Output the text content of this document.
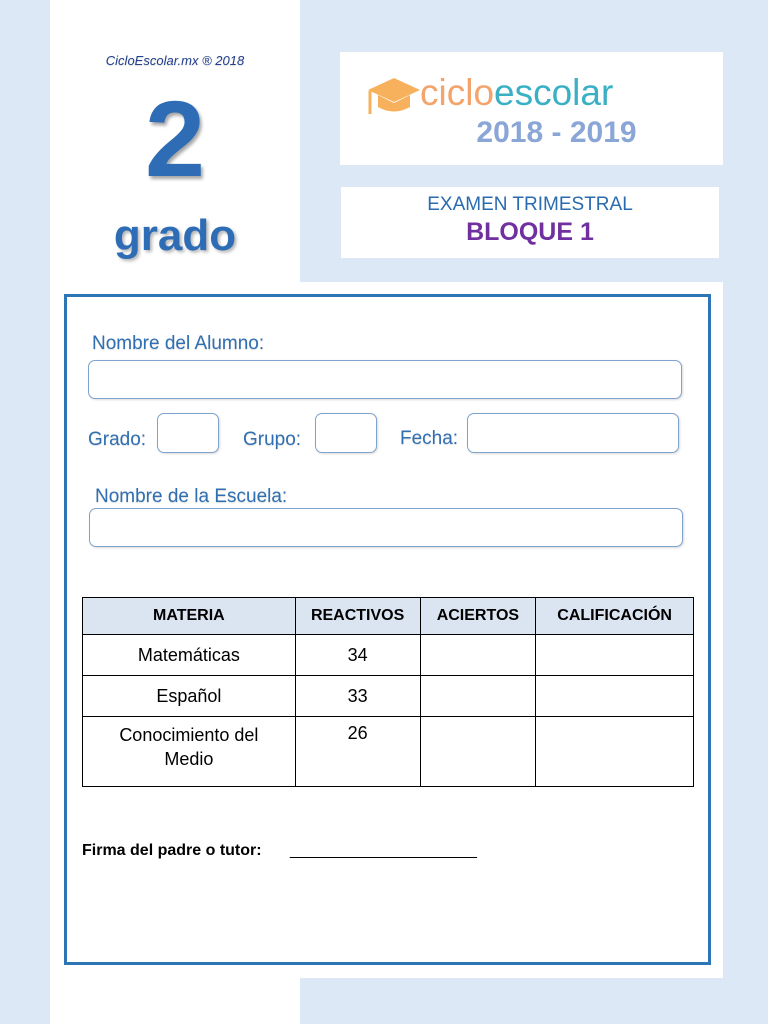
CicloEscolar.mx ® 2018
2
grado
cicloescolar
2018 - 2019
EXAMEN TRIMESTRAL
BLOQUE 1
Nombre del Alumno:
Grado:	Grupo:	Fecha:
Nombre de la Escuela:
MATERIA	REACTIVOS	ACIERTOS	CALIFICACIÓN
Matemáticas	34		
Español	33		

Conocimiento del Medio	26		
Firma del padre o tutor: _____________________
